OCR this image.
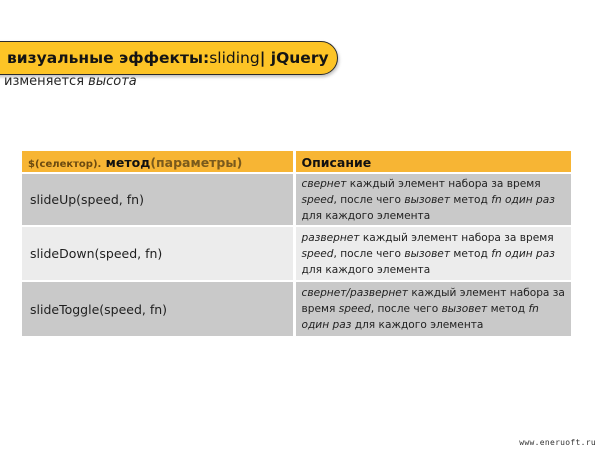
визуальные эффекты: sliding | jQuery
изменяется высота
$(селектор). метод(параметры)	Описание
slideUp(speed, fn)	свернет каждый элемент набора за время speed, после чего вызовет метод fn один раз для каждого элемента
slideDown(speed, fn)	развернет каждый элемент набора за время speed, после чего вызовет метод fn один раз для каждого элемента
slideToggle(speed, fn)	свернет/развернет каждый элемент набора за время speed, после чего вызовет метод fn один раз для каждого элемента
www.eneruoft.ru
